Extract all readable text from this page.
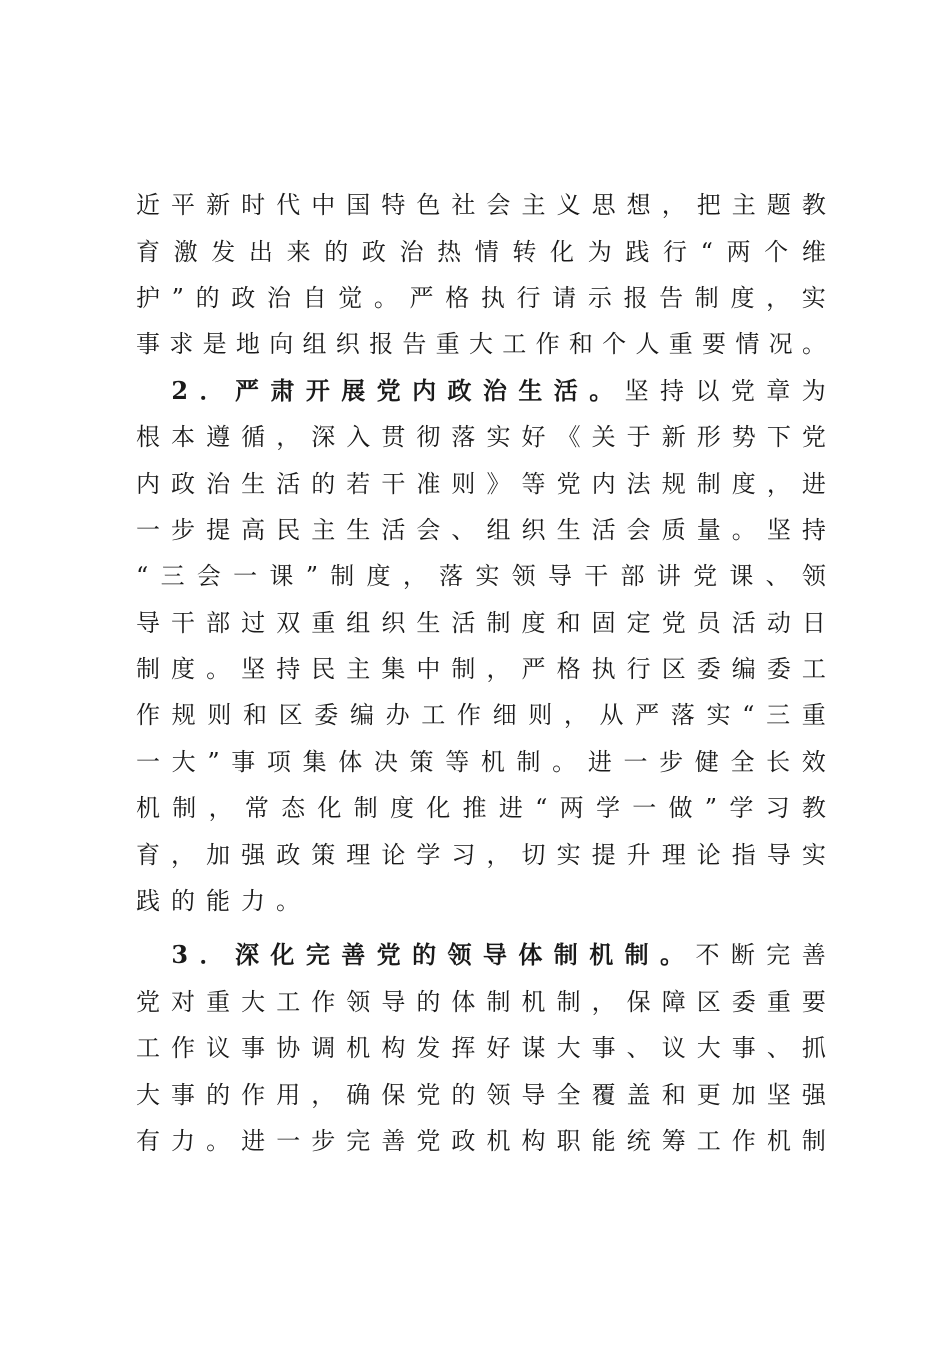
近 平 新 时 代 中 国 特 色 社 会 主 义 思 想 ， 把 主 题 教
育 激 发 出 来 的 政 治 热 情 转 化 为 践 行 “ 两 个 维
护 ” 的 政 治 自 觉 。 严 格 执 行 请 示 报 告 制 度 ， 实
事 求 是 地 向 组 织 报 告 重 大 工 作 和 个 人 重 要 情 况 。
2 ． 严 肃 开 展 党 内 政 治 生 活 。 坚 持 以 党 章 为
根 本 遵 循 ， 深 入 贯 彻 落 实 好 《 关 于 新 形 势 下 党
内 政 治 生 活 的 若 干 准 则 》 等 党 内 法 规 制 度 ， 进
一 步 提 高 民 主 生 活 会 、 组 织 生 活 会 质 量 。 坚 持
“ 三 会 一 课 ” 制 度 ， 落 实 领 导 干 部 讲 党 课 、 领
导 干 部 过 双 重 组 织 生 活 制 度 和 固 定 党 员 活 动 日
制 度 。 坚 持 民 主 集 中 制 ， 严 格 执 行 区 委 编 委 工
作 规 则 和 区 委 编 办 工 作 细 则 ， 从 严 落 实 “ 三 重
一 大 ” 事 项 集 体 决 策 等 机 制 。 进 一 步 健 全 长 效
机 制 ， 常 态 化 制 度 化 推 进 “ 两 学 一 做 ” 学 习 教
育 ， 加 强 政 策 理 论 学 习 ， 切 实 提 升 理 论 指 导 实
践 的 能 力 。
3 ． 深 化 完 善 党 的 领 导 体 制 机 制 。 不 断 完 善
党 对 重 大 工 作 领 导 的 体 制 机 制 ， 保 障 区 委 重 要
工 作 议 事 协 调 机 构 发 挥 好 谋 大 事 、 议 大 事 、 抓
大 事 的 作 用 ， 确 保 党 的 领 导 全 覆 盖 和 更 加 坚 强
有 力 。 进 一 步 完 善 党 政 机 构 职 能 统 筹 工 作 机 制
